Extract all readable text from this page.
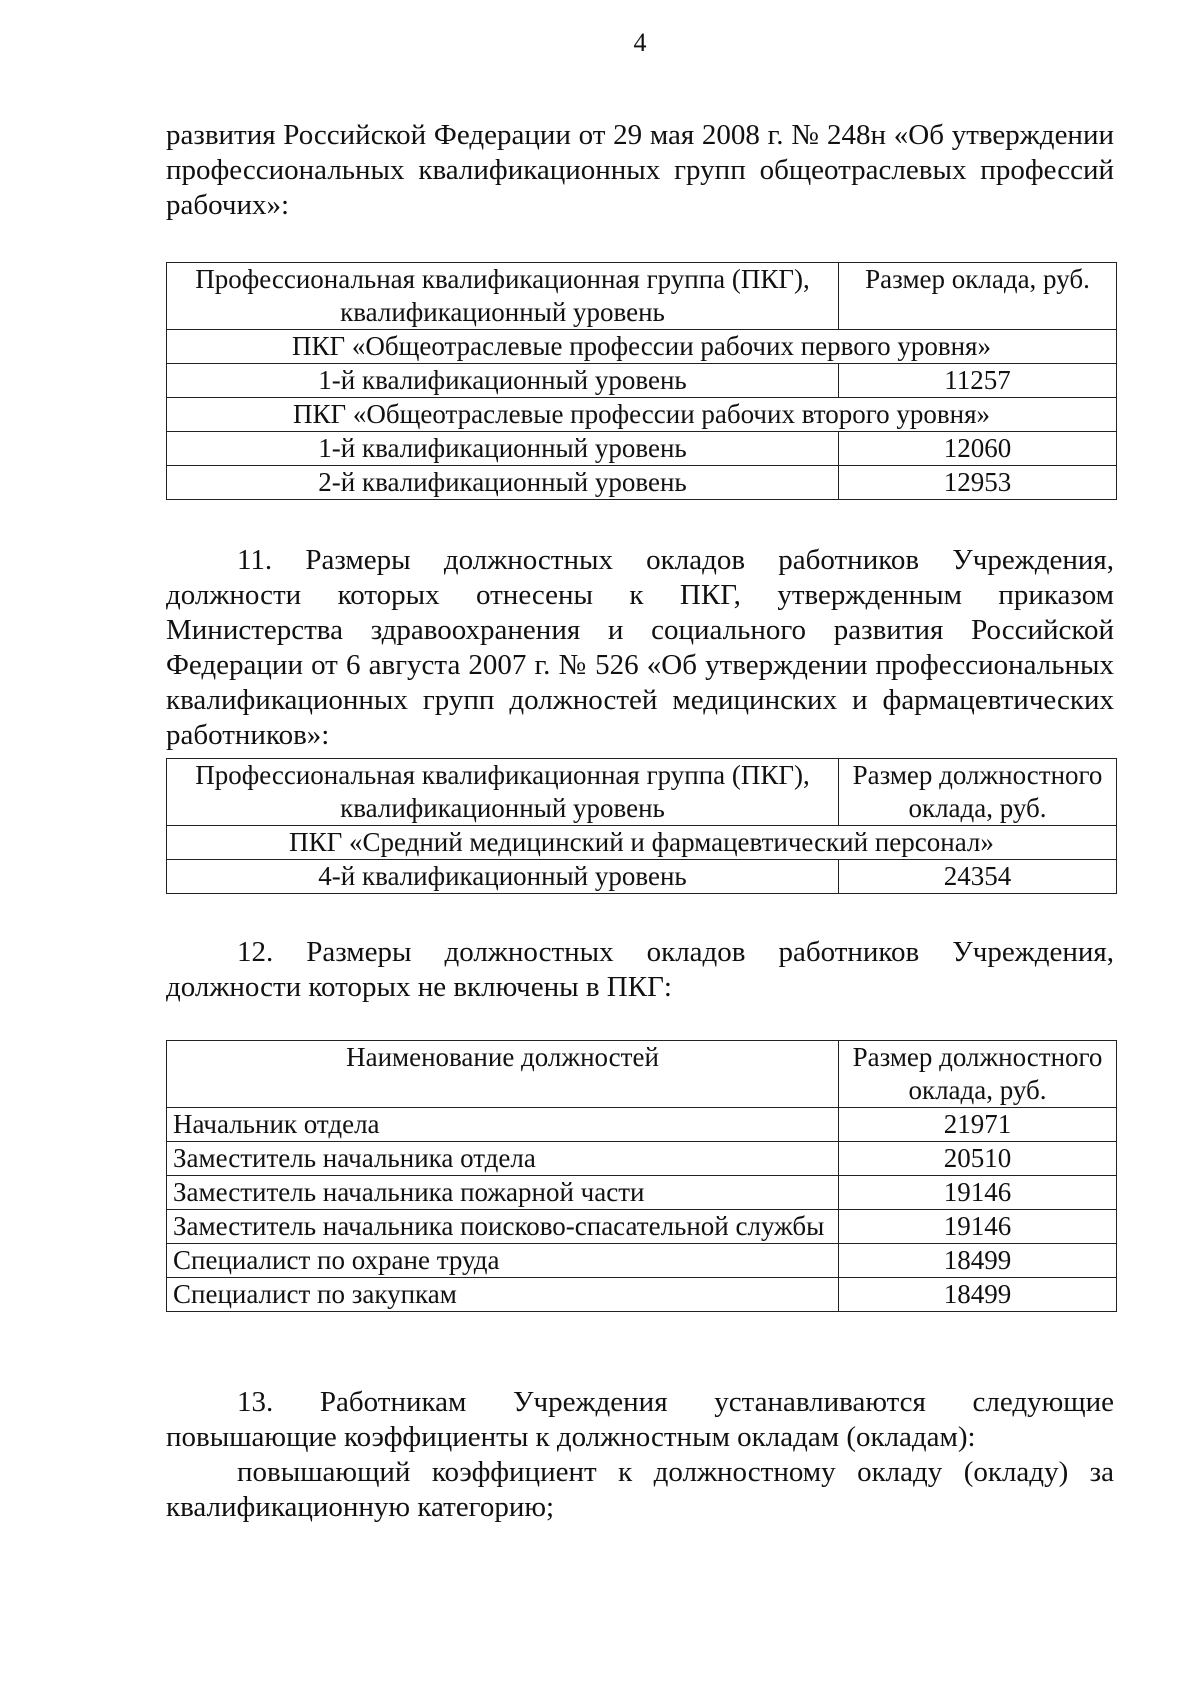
4

развития Российской Федерации от 29 мая 2008 г. № 248н «Об утверждении профессиональных квалификационных групп общеотраслевых профессий рабочих»:

Профессиональная квалификационная группа (ПКГ), квалификационный уровень	Размер оклада, руб.
ПКГ «Общеотраслевые профессии рабочих первого уровня»	
1-й квалификационный уровень	11257
ПКГ «Общеотраслевые профессии рабочих второго уровня»	
1-й квалификационный уровень	12060
2-й квалификационный уровень	12953

11. Размеры должностных окладов работников Учреждения, должности которых отнесены к ПКГ, утвержденным приказом Министерства здравоохранения и социального развития Российской Федерации от 6 августа 2007 г. № 526 «Об утверждении профессиональных квалификационных групп должностей медицинских и фармацевтических работников»:

Профессиональная квалификационная группа (ПКГ), квалификационный уровень	Размер должностного оклада, руб.
ПКГ «Средний медицинский и фармацевтический персонал»	
4-й квалификационный уровень	24354

12. Размеры должностных окладов работников Учреждения, должности которых не включены в ПКГ:

Наименование должностей	Размер должностного оклада, руб.
Начальник отдела	21971
Заместитель начальника отдела	20510
Заместитель начальника пожарной части	19146
Заместитель начальника поисково-спасательной службы	19146
Специалист по охране труда	18499
Специалист по закупкам	18499

13. Работникам Учреждения устанавливаются следующие повышающие коэффициенты к должностным окладам (окладам):

повышающий коэффициент к должностному окладу (окладу) за квалификационную категорию;
